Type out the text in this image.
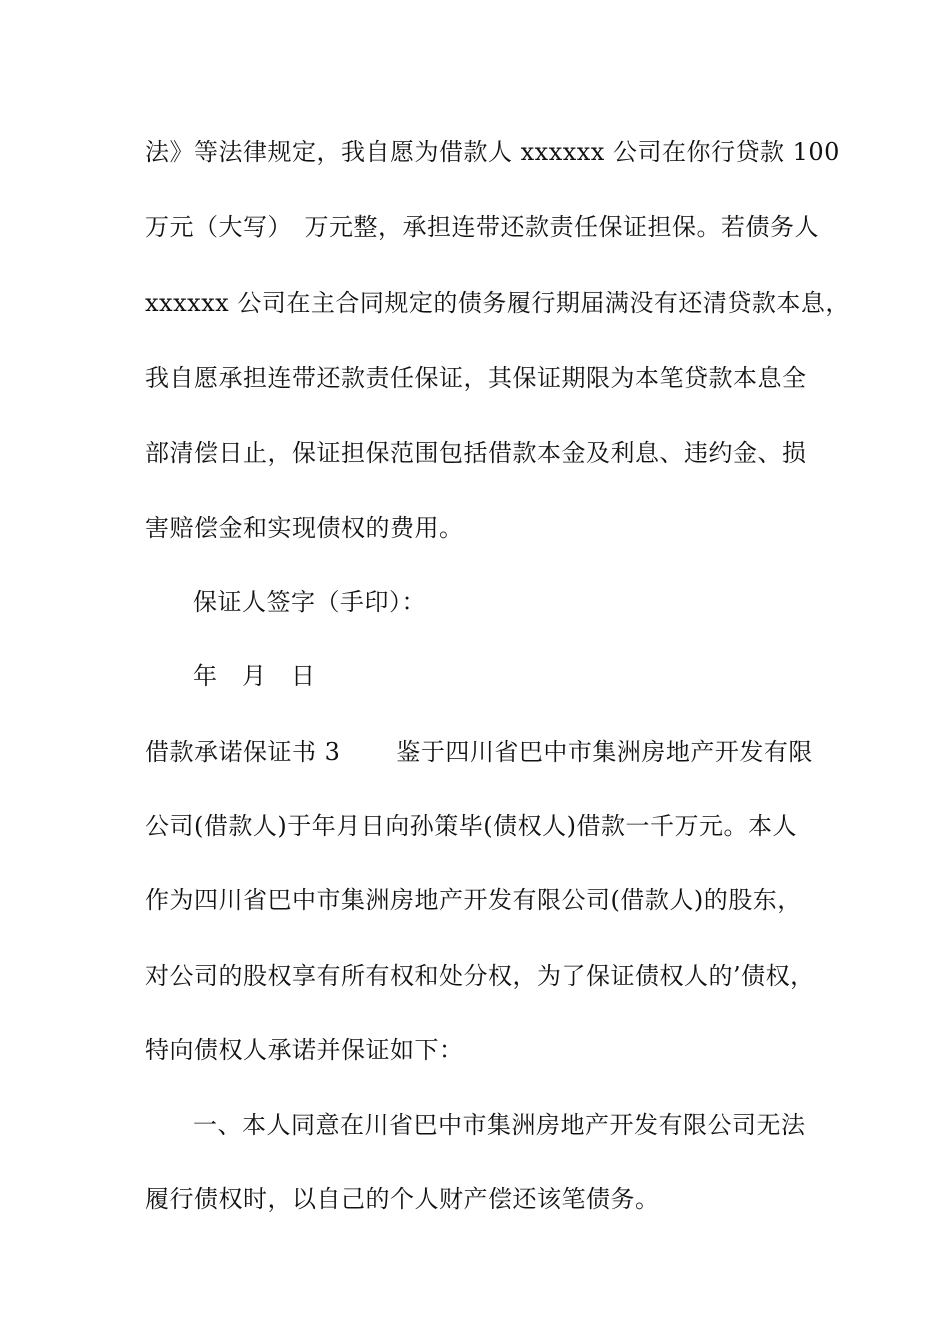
法》等法律规定，我自愿为借款人 xxxxxx 公司在你行贷款 100
万元（大写）　万元整，承担连带还款责任保证担保。若债务人
xxxxxx 公司在主合同规定的债务履行期届满没有还清贷款本息，
我自愿承担连带还款责任保证，其保证期限为本笔贷款本息全
部清偿日止，保证担保范围包括借款本金及利息、违约金、损
害赔偿金和实现债权的费用。
保证人签字（手印）：
年　月　日
借款承诺保证书 3 鉴于四川省巴中市集洲房地产开发有限
公司(借款人)于年月日向孙策毕(债权人)借款一千万元。本人
作为四川省巴中市集洲房地产开发有限公司(借款人)的股东，
对公司的股权享有所有权和处分权，为了保证债权人的’债权，
特向债权人承诺并保证如下：
一、本人同意在川省巴中市集洲房地产开发有限公司无法
履行债权时，以自己的个人财产偿还该笔债务。
